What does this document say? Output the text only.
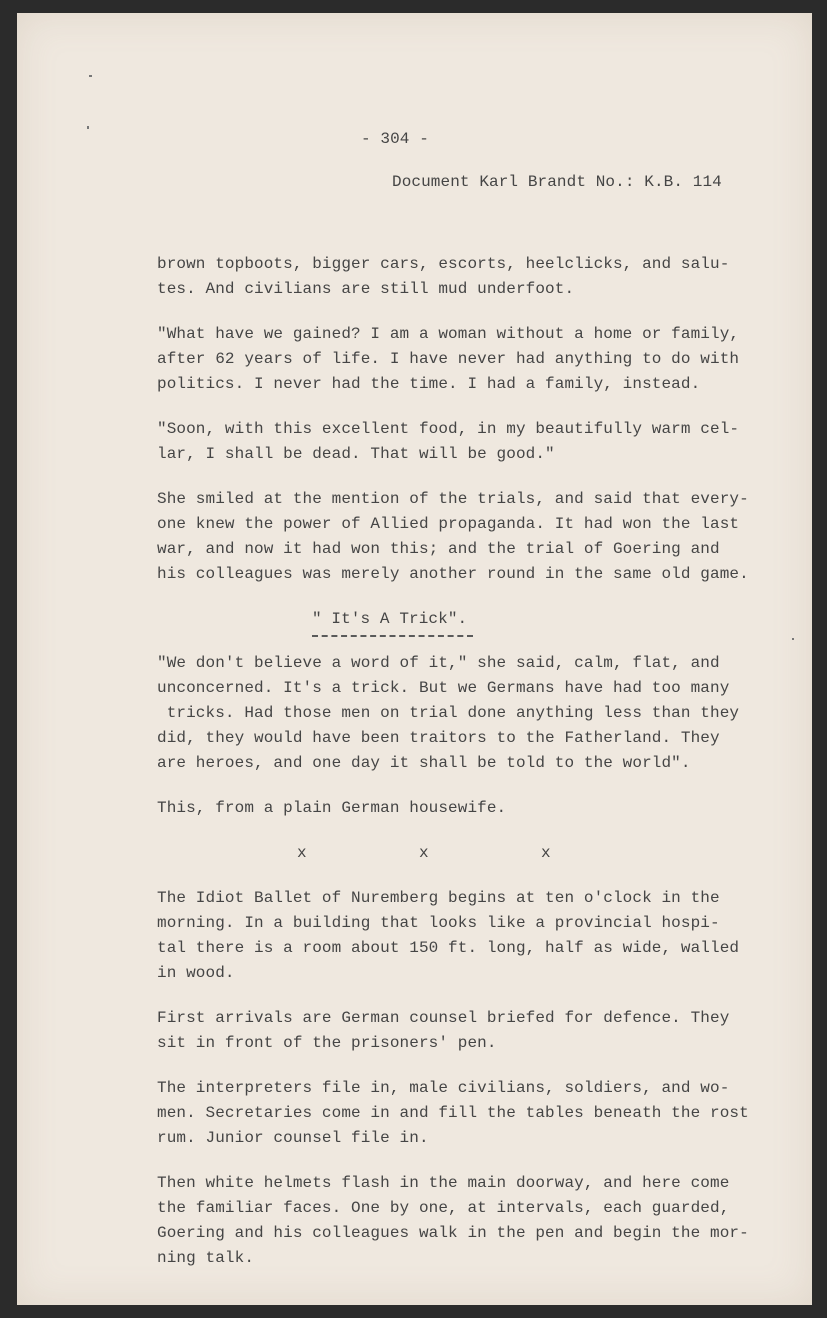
- 304 -
Document Karl Brandt No.: K.B. 114
brown topboots, bigger cars, escorts, heelclicks, and salu-
tes. And civilians are still mud underfoot.
"What have we gained? I am a woman without a home or family,
after 62 years of life. I have never had anything to do with
politics. I never had the time. I had a family, instead.
"Soon, with this excellent food, in my beautifully warm cel-
lar, I shall be dead. That will be good."
She smiled at the mention of the trials, and said that every-
one knew the power of Allied propaganda. It had won the last
war, and now it had won this; and the trial of Goering and
his colleagues was merely another round in the same old game.
" It's A Trick".
"We don't believe a word of it," she said, calm, flat, and
unconcerned. It's a trick. But we Germans have had too many
tricks. Had those men on trial done anything less than they
did, they would have been traitors to the Fatherland. They
are heroes, and one day it shall be told to the world".
This, from a plain German housewife.
x	x	x
The Idiot Ballet of Nuremberg begins at ten o'clock in the
morning. In a building that looks like a provincial hospi-
tal there is a room about 150 ft. long, half as wide, walled
in wood.
First arrivals are German counsel briefed for defence. They
sit in front of the prisoners' pen.
The interpreters file in, male civilians, soldiers, and wo-
men. Secretaries come in and fill the tables beneath the rost
rum. Junior counsel file in.
Then white helmets flash in the main doorway, and here come
the familiar faces. One by one, at intervals, each guarded,
Goering and his colleagues walk in the pen and begin the mor-
ning talk.
